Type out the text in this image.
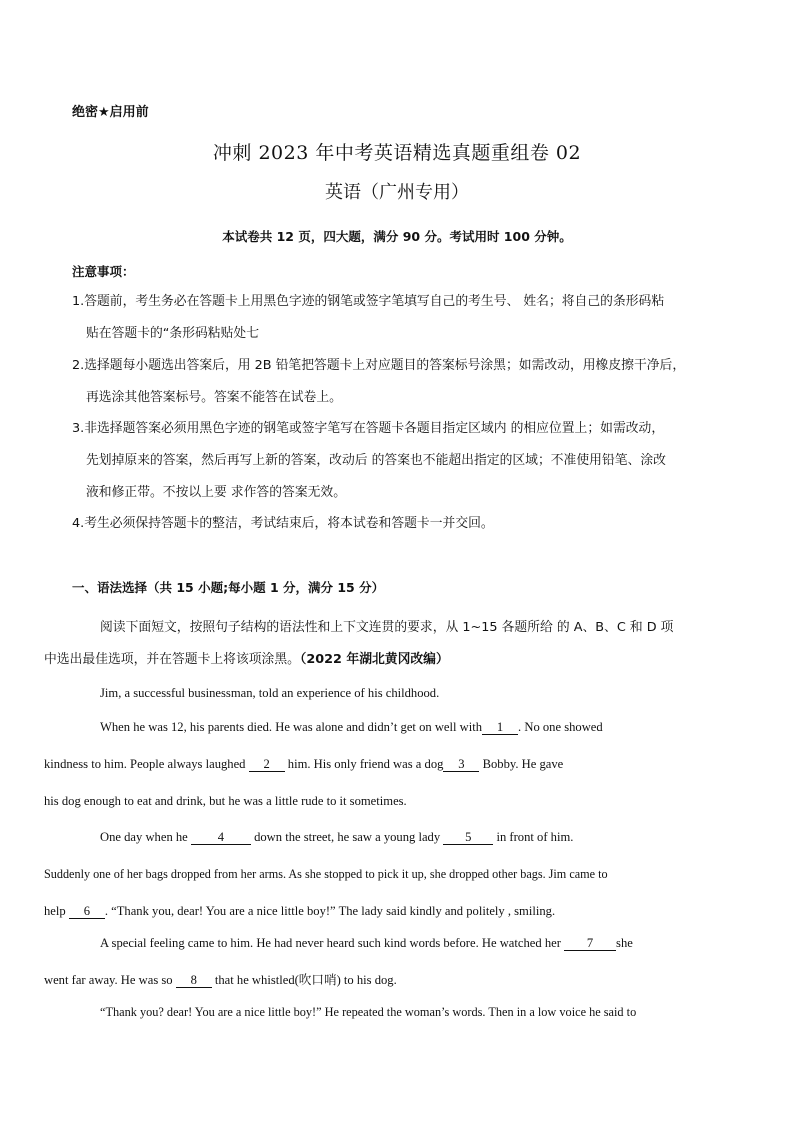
绝密★启用前
冲刺 2023 年中考英语精选真题重组卷 02
英语（广州专用）
本试卷共 12 页，四大题，满分 90 分。考试用时 100 分钟。
注意事项：
1.答题前，考生务必在答题卡上用黑色字迹的钢笔或签字笔填写自己的考生号、 姓名；将自己的条形码粘
贴在答题卡的“条形码粘贴处七
2.选择题每小题选出答案后，用 2B 铅笔把答题卡上对应题目的答案标号涂黑；如需改动，用橡皮擦干净后，
再选涂其他答案标号。答案不能答在试卷上。
3.非选择题答案必须用黑色字迹的钢笔或签字笔写在答题卡各题目指定区域内 的相应位置上；如需改动，
先划掉原来的答案，然后再写上新的答案，改动后 的答案也不能超出指定的区域；不准使用铅笔、涂改
液和修正带。不按以上要 求作答的答案无效。
4.考生必须保持答题卡的整洁，考试结束后，将本试卷和答题卡一并交回。
一、语法选择（共 15 小题;每小题 1 分，满分 15 分）
阅读下面短文，按照句子结构的语法性和上下文连贯的要求，从 1~15 各题所给 的 A、B、C 和 D 项
中选出最佳选项，并在答题卡上将该项涂黑。（2022 年湖北黄冈改编）
Jim, a successful businessman, told an experience of his childhood.
When he was 12, his parents died. He was alone and didn’t get on well with 1 . No one showed
kindness to him. People always laughed 2 him. His only friend was a dog 3 Bobby. He gave
his dog enough to eat and drink, but he was a little rude to it sometimes.
One day when he 4 down the street, he saw a young lady 5 in front of him.
Suddenly one of her bags dropped from her arms. As she stopped to pick it up, she dropped other bags. Jim came to
help 6 . “Thank you, dear! You are a nice little boy!” The lady said kindly and politely , smiling.
A special feeling came to him. He had never heard such kind words before. He watched her 7 she
went far away. He was so 8 that he whistled(吹口哨) to his dog.
“Thank you? dear! You are a nice little boy!” He repeated the woman’s words. Then in a low voice he said to
